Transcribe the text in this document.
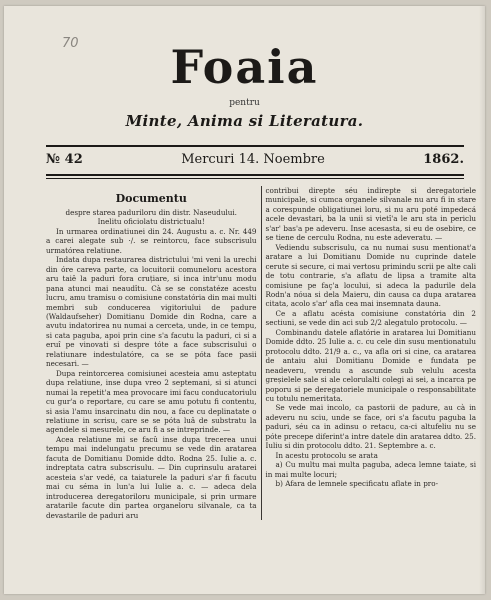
70	Foaia
pentru
Minte, Anima si Literatura.
№ 42	Mercuri 14. Noembre	1862.
Documentu

despre starea paduriloru din distr. Naseudului.

Inelitu oficiolatu districtualu!

In urmarea ordinatiunei din 24. Augustu a. c. Nr. 449 a carei alegate sub ·/. se reintorcu, face subscrisulu urmatórea relatiune.

Indata dupa restaurarea districtului 'mi veni la urechi din óre careva parte, ca locuitorii comuneloru acestora aru taiê la paduri fora cruțiare, si inca intr'unu modu pana atunci mai neaudîtu. Cà se se constatéze acestu lucru, amu tramisu o comisiune constatória din mai multi membri sub conducerea vigitoriului de padure (Waldaufseher) Domitianu Domide din Rodna, care a avutu indatorirea nu numai a cerceta, unde, in ce tempu, si cata paguba, apoi prin cine s'a facutu la paduri, ci si a eruî pe vinovati si despre tóte a face subscrisului o relatiunare indestulatóre, ca se se póta face pasii necesari. —

Dupa reintorcerea comisiunei acesteia amu asteptatu dupa relatiune, inse dupa vreo 2 septemani, si si atunci numai la repetit'a mea provocare imi facu conducatoriulu cu gur'a o reportare, cu care se amu potutu fi contentu, si asia l'amu insarcinatu din nou, a face cu deplinatate o relatiune in scrisu, care se se póta luâ de substratu la agendele si mesurele, ce aru fi a se intreprinde. —

Acea relatiune mi se facû inse dupa trecerea unui tempu mai indelungatu precumu se vede din aratarea facuta de Domitianu Domide ddto. Rodna 25. Iulie a. c. indreptata catra subscrisulu. — Din cuprinsulu aratarei acesteia s'ar vedé, ca taiaturele la paduri s'ar fi facutu mai cu séma in lun'a lui Iulie a. c. — adeca dela introducerea deregatoriloru municipale, si prin urmare aratarile facute din partea organeloru silvanale, ca ta devastarile de paduri aru

contribui direpte séu indirepte si deregatoriele municipale, si cumca organele silvanale nu aru fi in stare a corespunde obligatiunei loru, si nu aru poté impedecá acele devastari, ba la unii si vietî'a le aru sta in periclu s'ar' bas'a pe adeveru. Inse acesasta, si eu de osebire, ce se tiene de cerculu Rodna, nu este adeveratu. —

Vediendu subscrisulu, ca nu numai susu mentionat'a aratare a lui Domitianu Domide nu cuprinde datele cerute si secure, ci mai vertosu primindu scrii pe alte cali de totu contrarie, s'a aflatu de lipsa a tramite alta comisiune pe faç'a locului, si adeca la padurile dela Rodn'a nóua si dela Maieru, din causa ca dupa aratarea citata, acolo s'ar' afla cea mai insemnata dauna.

Ce a aflatu acésta comisiune constatória din 2 sectiuni, se vede din aci sub 2/2 alegatulo protocolu. —

Combinandu datele aflatórie in aratarea lui Domitianu Domide ddto. 25 Iulie a. c. cu cele din susu mentionatulu protocolu ddto. 21/9 a. c., va afla ori si cine, ca aratarea de antaiu alui Domitianu Domide e fundata pe neadeveru, vrendu a ascunde sub velulu acesta greșielele sale si ale celorulalti colegi ai sei, a incarca pe poporu si pe deregatoriele municipale o responsabilitate cu totulu nemeritata.

Se vede mai incolo, ca pastorii de padure, au cà in adeveru nu sciu, unde se face, ori s'a facutu paguba la paduri, séu ca in adinsu o retacu, ca-ci altufeliu nu se póte precepe diferint'a intre datele din aratarea ddto. 25. Iuliu si din protocolu ddto. 21. Septembre a. c.

In acestu protocolu se arata

a) Cu multu mai multa paguba, adeca lemne taiate, si in mai multe locuri;

b) Afara de lemnele specificatu aflate in pro-
